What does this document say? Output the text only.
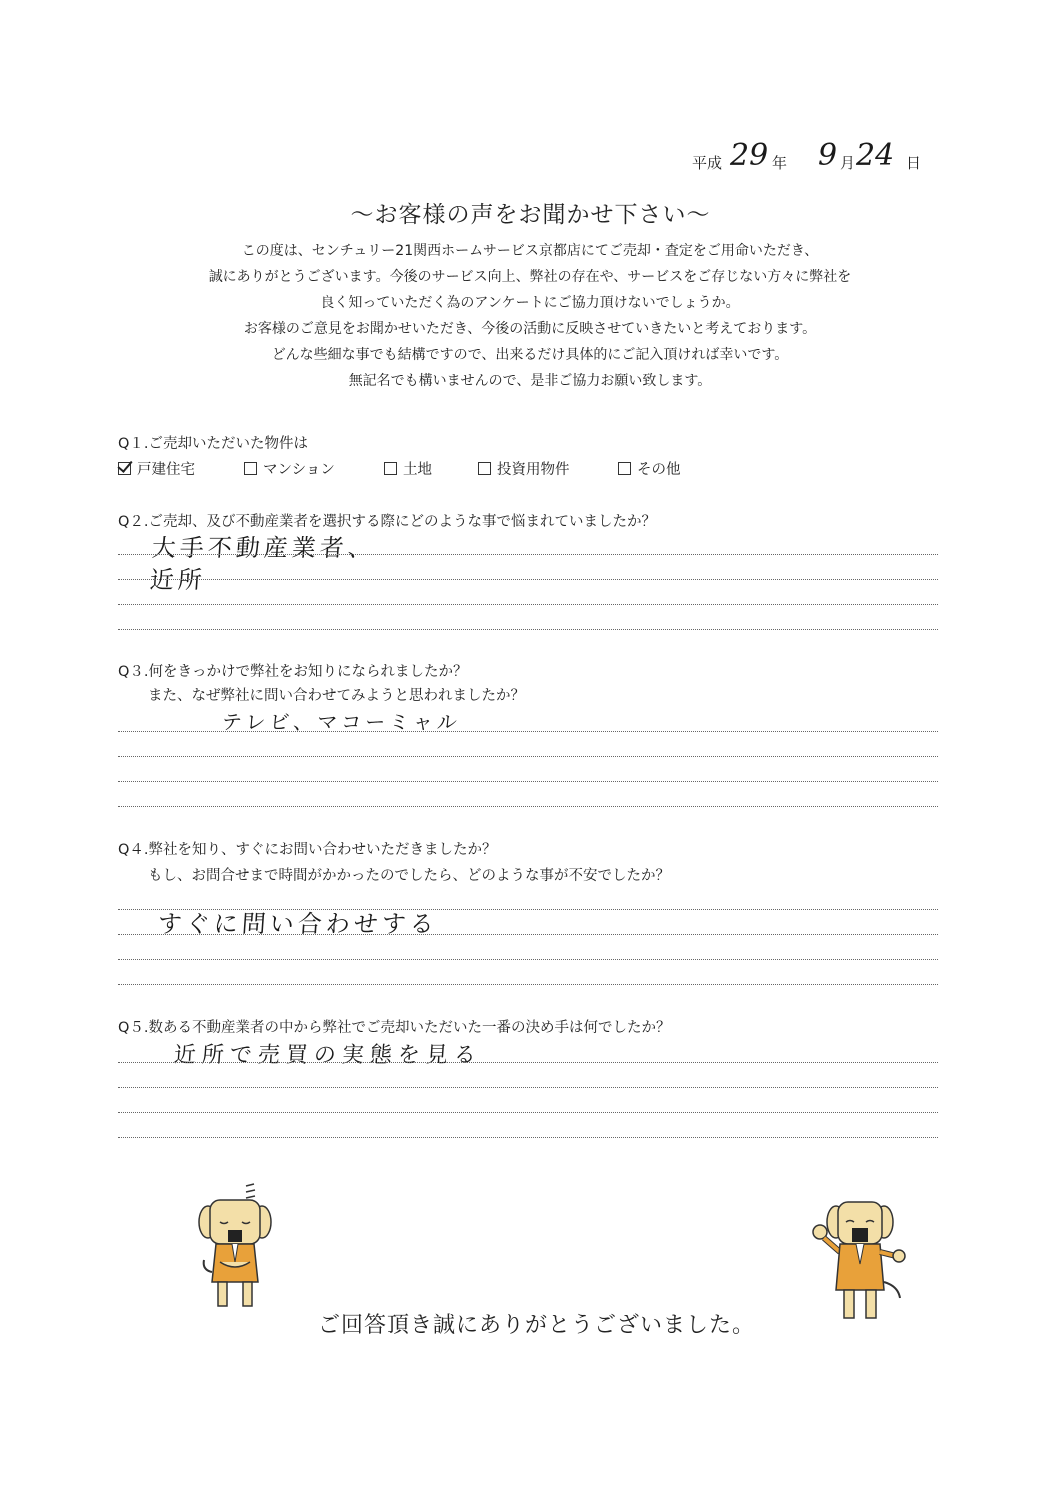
平成 29 年 9 月 24 日
～お客様の声をお聞かせ下さい～
この度は、センチュリー21関西ホームサービス京都店にてご売却・査定をご用命いただき、
誠にありがとうございます。今後のサービス向上、弊社の存在や、サービスをご存じない方々に弊社を
良く知っていただく為のアンケートにご協力頂けないでしょうか。
お客様のご意見をお聞かせいただき、今後の活動に反映させていきたいと考えております。
どんな些細な事でも結構ですので、出来るだけ具体的にご記入頂ければ幸いです。
無記名でも構いませんので、是非ご協力お願い致します。
Q１.ご売却いただいた物件は
戸建住宅	マンション	土地	投資用物件	その他
Q２.ご売却、及び不動産業者を選択する際にどのような事で悩まれていましたか？
大手不動産業者、
近所
Q３.何をきっかけで弊社をお知りになられましたか？
また、なぜ弊社に問い合わせてみようと思われましたか？
テレビ、マコーミャル
Q４.弊社を知り、すぐにお問い合わせいただきましたか？
もし、お問合せまで時間がかかったのでしたら、どのような事が不安でしたか？
すぐに問い合わせする
Q５.数ある不動産業者の中から弊社でご売却いただいた一番の決め手は何でしたか？
近所で売買の実態を見る
ご回答頂き誠にありがとうございました。
